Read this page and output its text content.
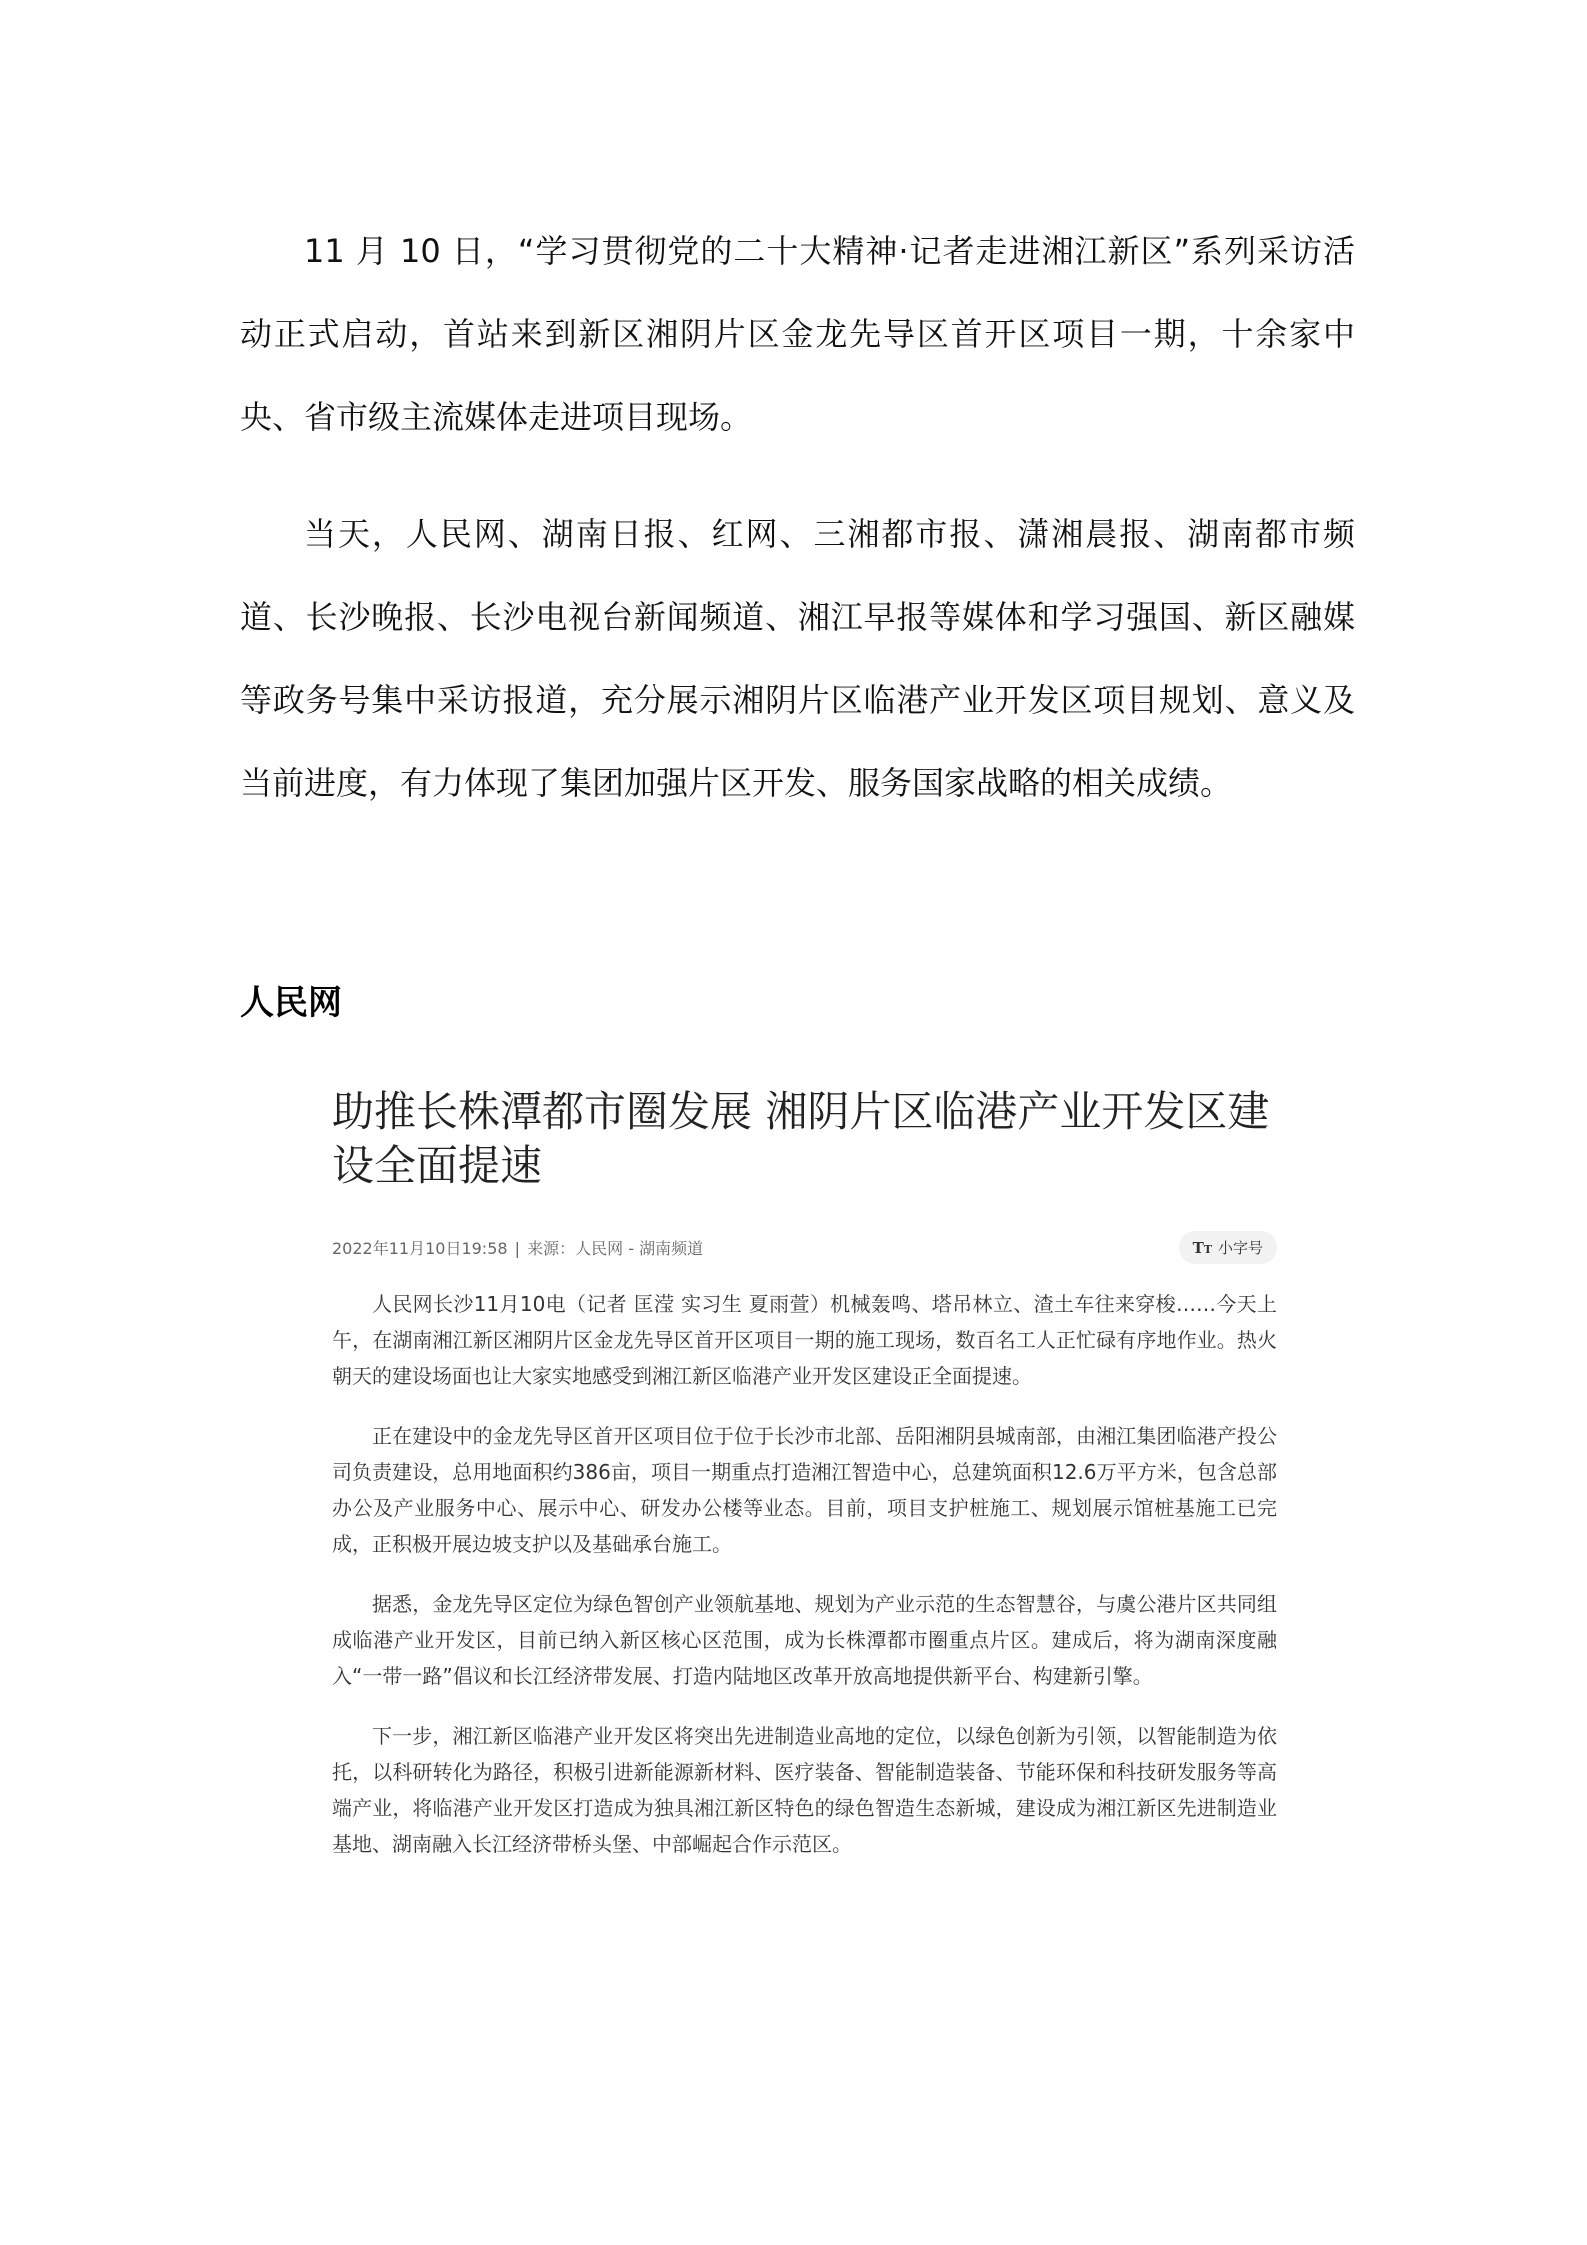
11 月 10 日，“学习贯彻党的二十大精神·记者走进湘江新区”系列采访活动正式启动，首站来到新区湘阴片区金龙先导区首开区项目一期，十余家中央、省市级主流媒体走进项目现场。

当天，人民网、湖南日报、红网、三湘都市报、潇湘晨报、湖南都市频道、长沙晚报、长沙电视台新闻频道、湘江早报等媒体和学习强国、新区融媒等政务号集中采访报道，充分展示湘阴片区临港产业开发区项目规划、意义及当前进度，有力体现了集团加强片区开发、服务国家战略的相关成绩。

人民网
助推长株潭都市圈发展 湘阴片区临港产业开发区建设全面提速
2022年11月10日19:58 | 来源：人民网 - 湖南频道	TT 小字号

人民网长沙11月10电（记者 匡滢 实习生 夏雨萱）机械轰鸣、塔吊林立、渣土车往来穿梭……今天上午，在湖南湘江新区湘阴片区金龙先导区首开区项目一期的施工现场，数百名工人正忙碌有序地作业。热火朝天的建设场面也让大家实地感受到湘江新区临港产业开发区建设正全面提速。

正在建设中的金龙先导区首开区项目位于位于长沙市北部、岳阳湘阴县城南部，由湘江集团临港产投公司负责建设，总用地面积约386亩，项目一期重点打造湘江智造中心，总建筑面积12.6万平方米，包含总部办公及产业服务中心、展示中心、研发办公楼等业态。目前，项目支护桩施工、规划展示馆桩基施工已完成，正积极开展边坡支护以及基础承台施工。

据悉，金龙先导区定位为绿色智创产业领航基地、规划为产业示范的生态智慧谷，与虞公港片区共同组成临港产业开发区，目前已纳入新区核心区范围，成为长株潭都市圈重点片区。建成后，将为湖南深度融入“一带一路”倡议和长江经济带发展、打造内陆地区改革开放高地提供新平台、构建新引擎。

下一步，湘江新区临港产业开发区将突出先进制造业高地的定位，以绿色创新为引领，以智能制造为依托，以科研转化为路径，积极引进新能源新材料、医疗装备、智能制造装备、节能环保和科技研发服务等高端产业，将临港产业开发区打造成为独具湘江新区特色的绿色智造生态新城，建设成为湘江新区先进制造业基地、湖南融入长江经济带桥头堡、中部崛起合作示范区。
